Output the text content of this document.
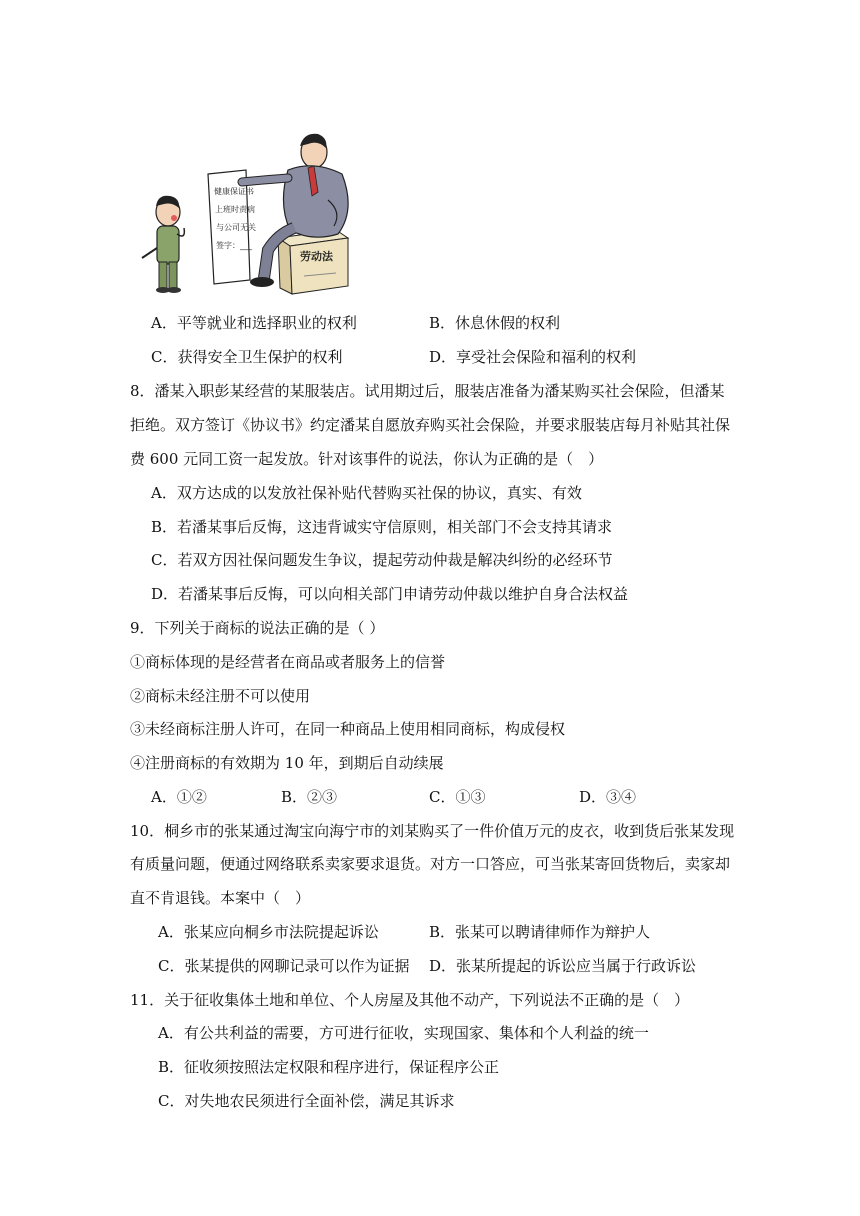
健康保证书
上班时责病
与公司无关
签字：___
劳动法
A．平等就业和选择职业的权利	B．休息休假的权利
C．获得安全卫生保护的权利	D．享受社会保险和福利的权利
8．潘某入职彭某经营的某服装店。试用期过后，服装店准备为潘某购买社会保险，但潘某
拒绝。双方签订《协议书》约定潘某自愿放弃购买社会保险，并要求服装店每月补贴其社保
费 600 元同工资一起发放。针对该事件的说法，你认为正确的是（　）
A．双方达成的以发放社保补贴代替购买社保的协议，真实、有效
B．若潘某事后反悔，这违背诚实守信原则，相关部门不会支持其请求
C．若双方因社保问题发生争议，提起劳动仲裁是解决纠纷的必经环节
D．若潘某事后反悔，可以向相关部门申请劳动仲裁以维护自身合法权益
9．下列关于商标的说法正确的是（ ）
①商标体现的是经营者在商品或者服务上的信誉
②商标未经注册不可以使用
③未经商标注册人许可，在同一种商品上使用相同商标，构成侵权
④注册商标的有效期为 10 年，到期后自动续展
A．①②	B．②③	C．①③	D．③④
10．桐乡市的张某通过淘宝向海宁市的刘某购买了一件价值万元的皮衣，收到货后张某发现
有质量问题，便通过网络联系卖家要求退货。对方一口答应，可当张某寄回货物后，卖家却
直不肯退钱。本案中（　）
A．张某应向桐乡市法院提起诉讼	B．张某可以聘请律师作为辩护人
C．张某提供的网聊记录可以作为证据 D．张某所提起的诉讼应当属于行政诉讼
11．关于征收集体土地和单位、个人房屋及其他不动产，下列说法不正确的是（　）
A．有公共利益的需要，方可进行征收，实现国家、集体和个人利益的统一
B．征收须按照法定权限和程序进行，保证程序公正
C．对失地农民须进行全面补偿，满足其诉求
